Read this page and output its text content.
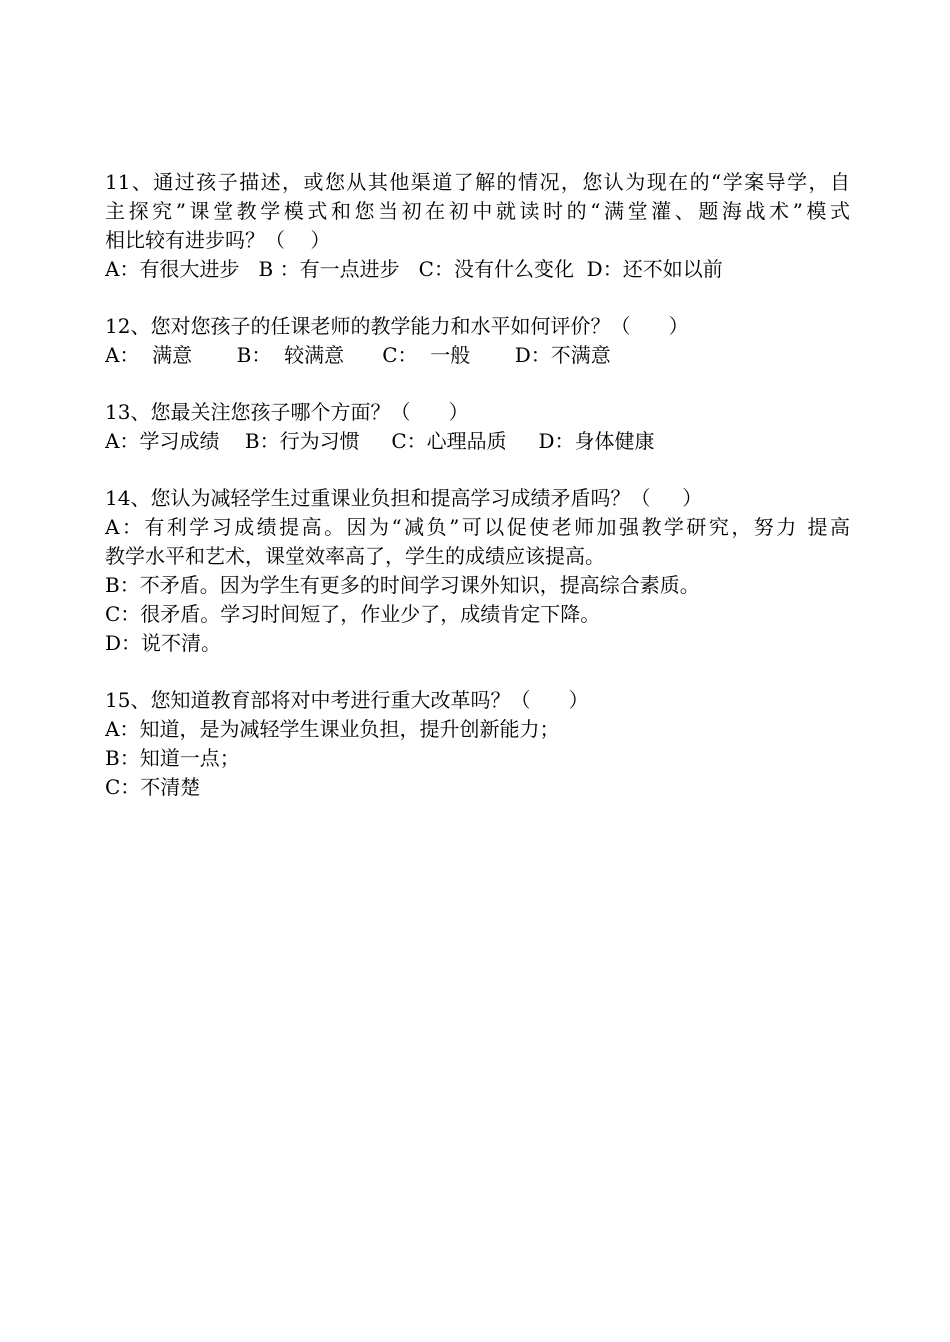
11、通过孩子描述，或您从其他渠道了解的情况，您认为现在的“学案导学，自
主探究”课堂教学模式和您当初在初中就读时的“满堂灌、题海战术”模式
相比较有进步吗？（    ）
A：有很大进步   B ：有一点进步   C：没有什么变化  D：还不如以前
12、您对您孩子的任课老师的教学能力和水平如何评价？（      ）
A：  满意       B：  较满意      C：  一般       D：不满意
13、您最关注您孩子哪个方面？（      ）
A：学习成绩    B：行为习惯     C：心理品质     D：身体健康
14、您认为减轻学生过重课业负担和提高学习成绩矛盾吗？（     ）
A：有利学习成绩提高。因为“减负”可以促使老师加强教学研究，努力 提高
教学水平和艺术，课堂效率高了，学生的成绩应该提高。
B：不矛盾。因为学生有更多的时间学习课外知识，提高综合素质。
C：很矛盾。学习时间短了，作业少了，成绩肯定下降。
D：说不清。
15、您知道教育部将对中考进行重大改革吗？（      ）
A：知道，是为减轻学生课业负担，提升创新能力；
B：知道一点；
C：不清楚
